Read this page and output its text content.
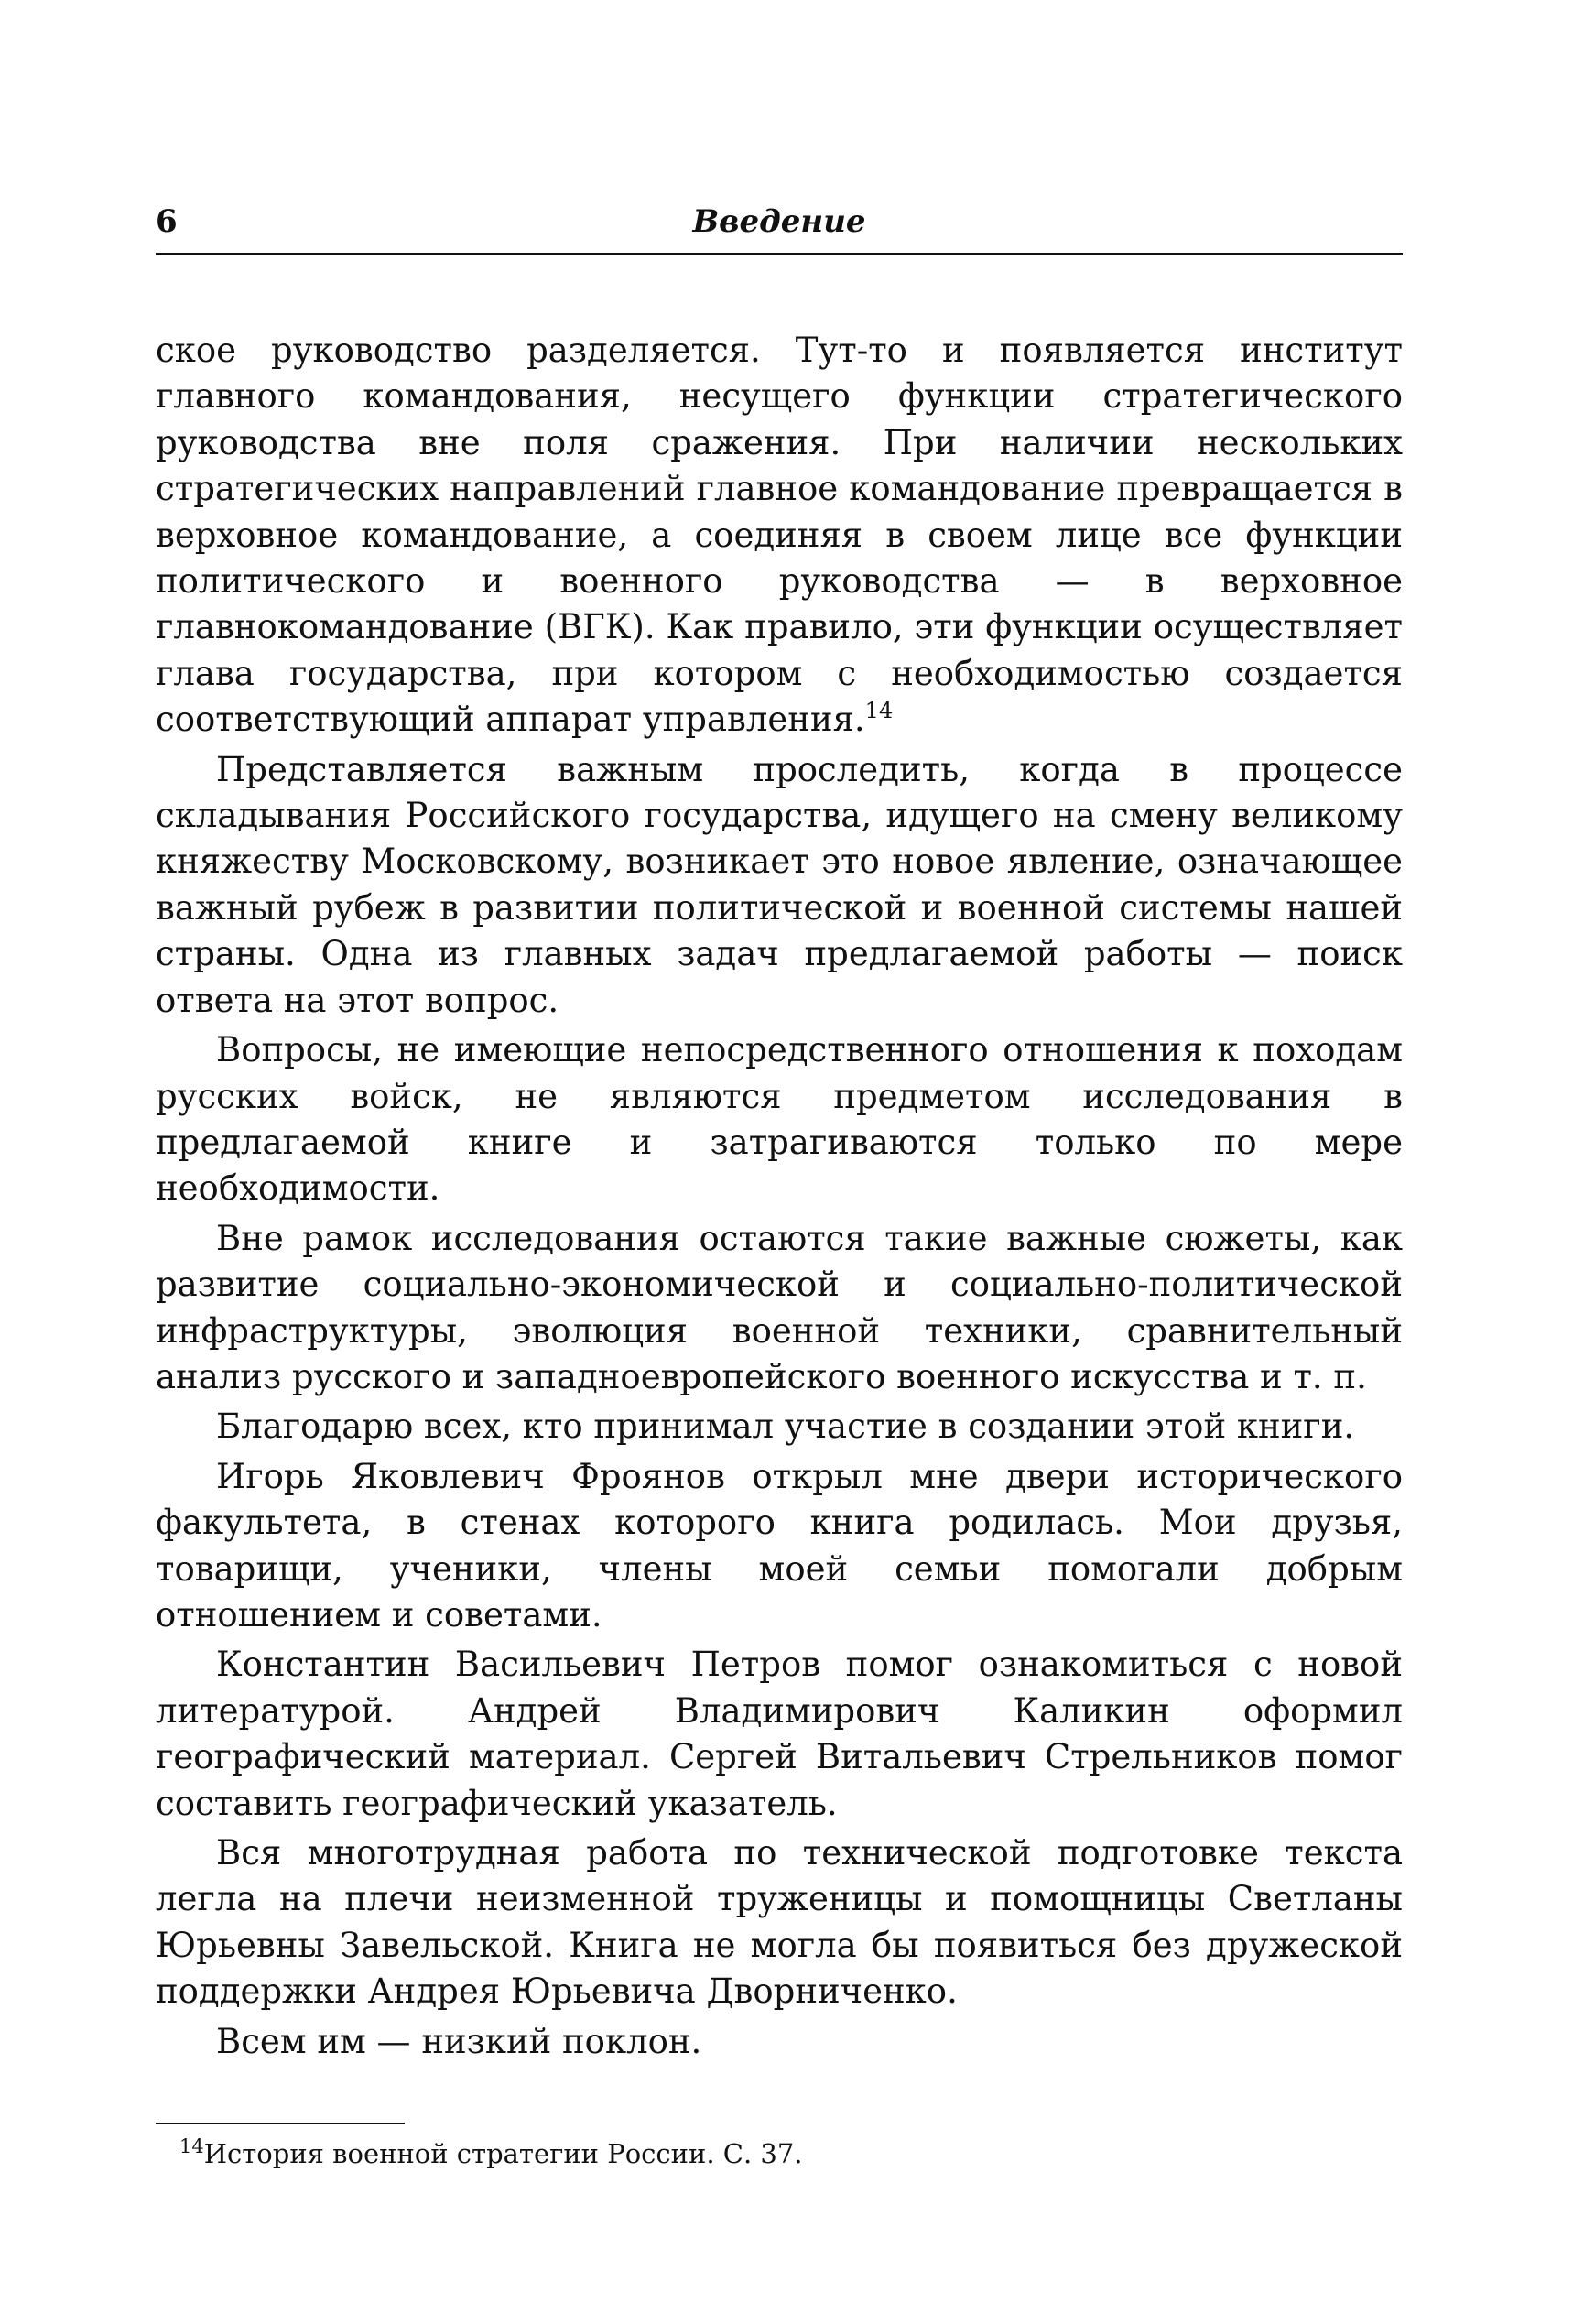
6	Введение

ское руководство разделяется. Тут-то и появляется институт главного командования, несущего функции стратегического руководства вне поля сражения. При наличии нескольких стратегических направлений главное командование превращается в верховное командование, а соединяя в своем лице все функции политического и военного руководства — в верховное главнокомандование (ВГК). Как правило, эти функции осуществляет глава государства, при котором с необходимостью создается соответствующий аппарат управления.$^{14}$

Представляется важным проследить, когда в процессе складывания Российского государства, идущего на смену великому княжеству Московскому, возникает это новое явление, означающее важный рубеж в развитии политической и военной системы нашей страны. Одна из главных задач предлагаемой работы — поиск ответа на этот вопрос.

Вопросы, не имеющие непосредственного отношения к походам русских войск, не являются предметом исследования в предлагаемой книге и затрагиваются только по мере необходимости.

Вне рамок исследования остаются такие важные сюжеты, как развитие социально-экономической и социально-политической инфраструктуры, эволюция военной техники, сравнительный анализ русского и западноевропейского военного искусства и т. п.

Благодарю всех, кто принимал участие в создании этой книги.

Игорь Яковлевич Фроянов открыл мне двери исторического факультета, в стенах которого книга родилась. Мои друзья, товарищи, ученики, члены моей семьи помогали добрым отношением и советами.

Константин Васильевич Петров помог ознакомиться с новой литературой. Андрей Владимирович Каликин оформил географический материал. Сергей Витальевич Стрельников помог составить географический указатель.

Вся многотрудная работа по технической подготовке текста легла на плечи неизменной труженицы и помощницы Светланы Юрьевны Завельской. Книга не могла бы появиться без дружеской поддержки Андрея Юрьевича Дворниченко.

Всем им — низкий поклон.

$^{14}$История военной стратегии России. С. 37.
